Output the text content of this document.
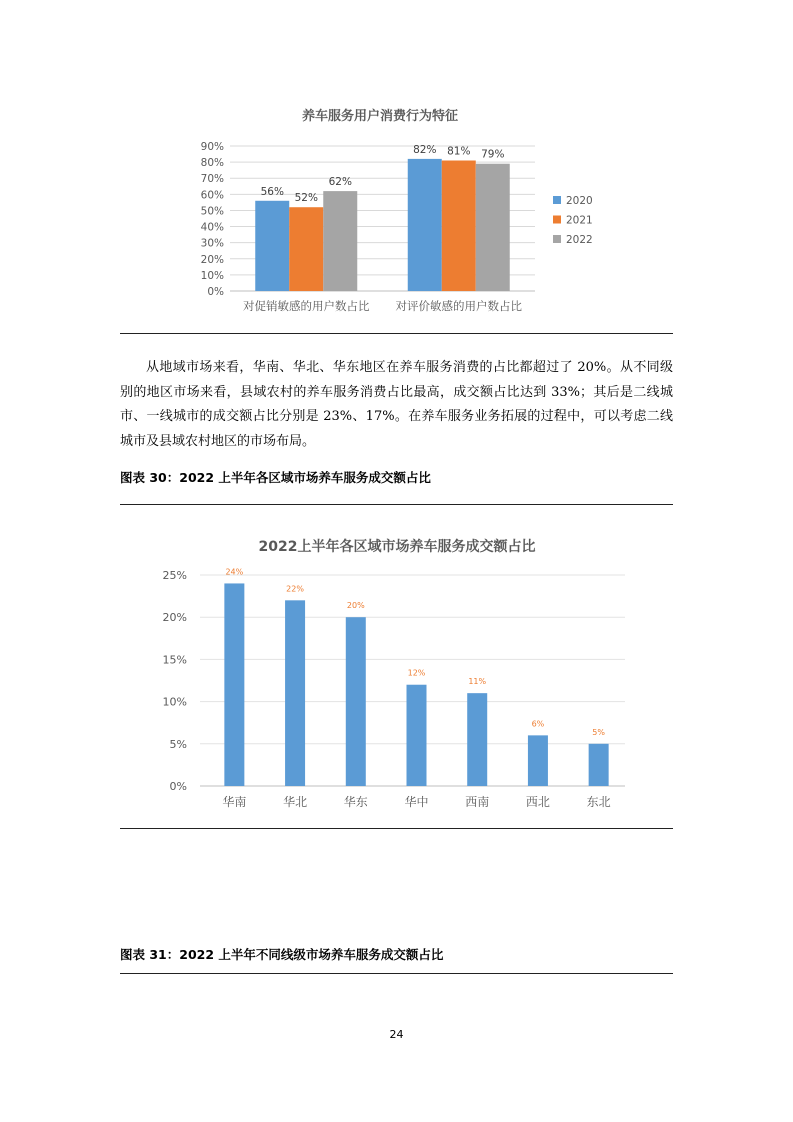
养车服务用户消费行为特征
0%
10%
20%
30%
40%
50%
60%
70%
80%
90%
56%
52%
62%
对促销敏感的用户数占比
82% 81% 79%
对评价敏感的用户数占比
2020
2021
2022

从地域市场来看，华南、华北、华东地区在养车服务消费的占比都超过了 20%。从不同级别的地区市场来看，县域农村的养车服务消费占比最高，成交额占比达到 33%；其后是二线城市、一线城市的成交额占比分别是 23%、17%。在养车服务业务拓展的过程中，可以考虑二线城市及县域农村地区的市场布局。

图表 30：2022 上半年各区域市场养车服务成交额占比

2022上半年各区域市场养车服务成交额占比
0%
5%
10%
15%
20%
25%	24%
华南
22%
华北
20%
华东
12%
华中
11%
西南
6%
西北
5%
东北

图表 31：2022 上半年不同线级市场养车服务成交额占比

24
